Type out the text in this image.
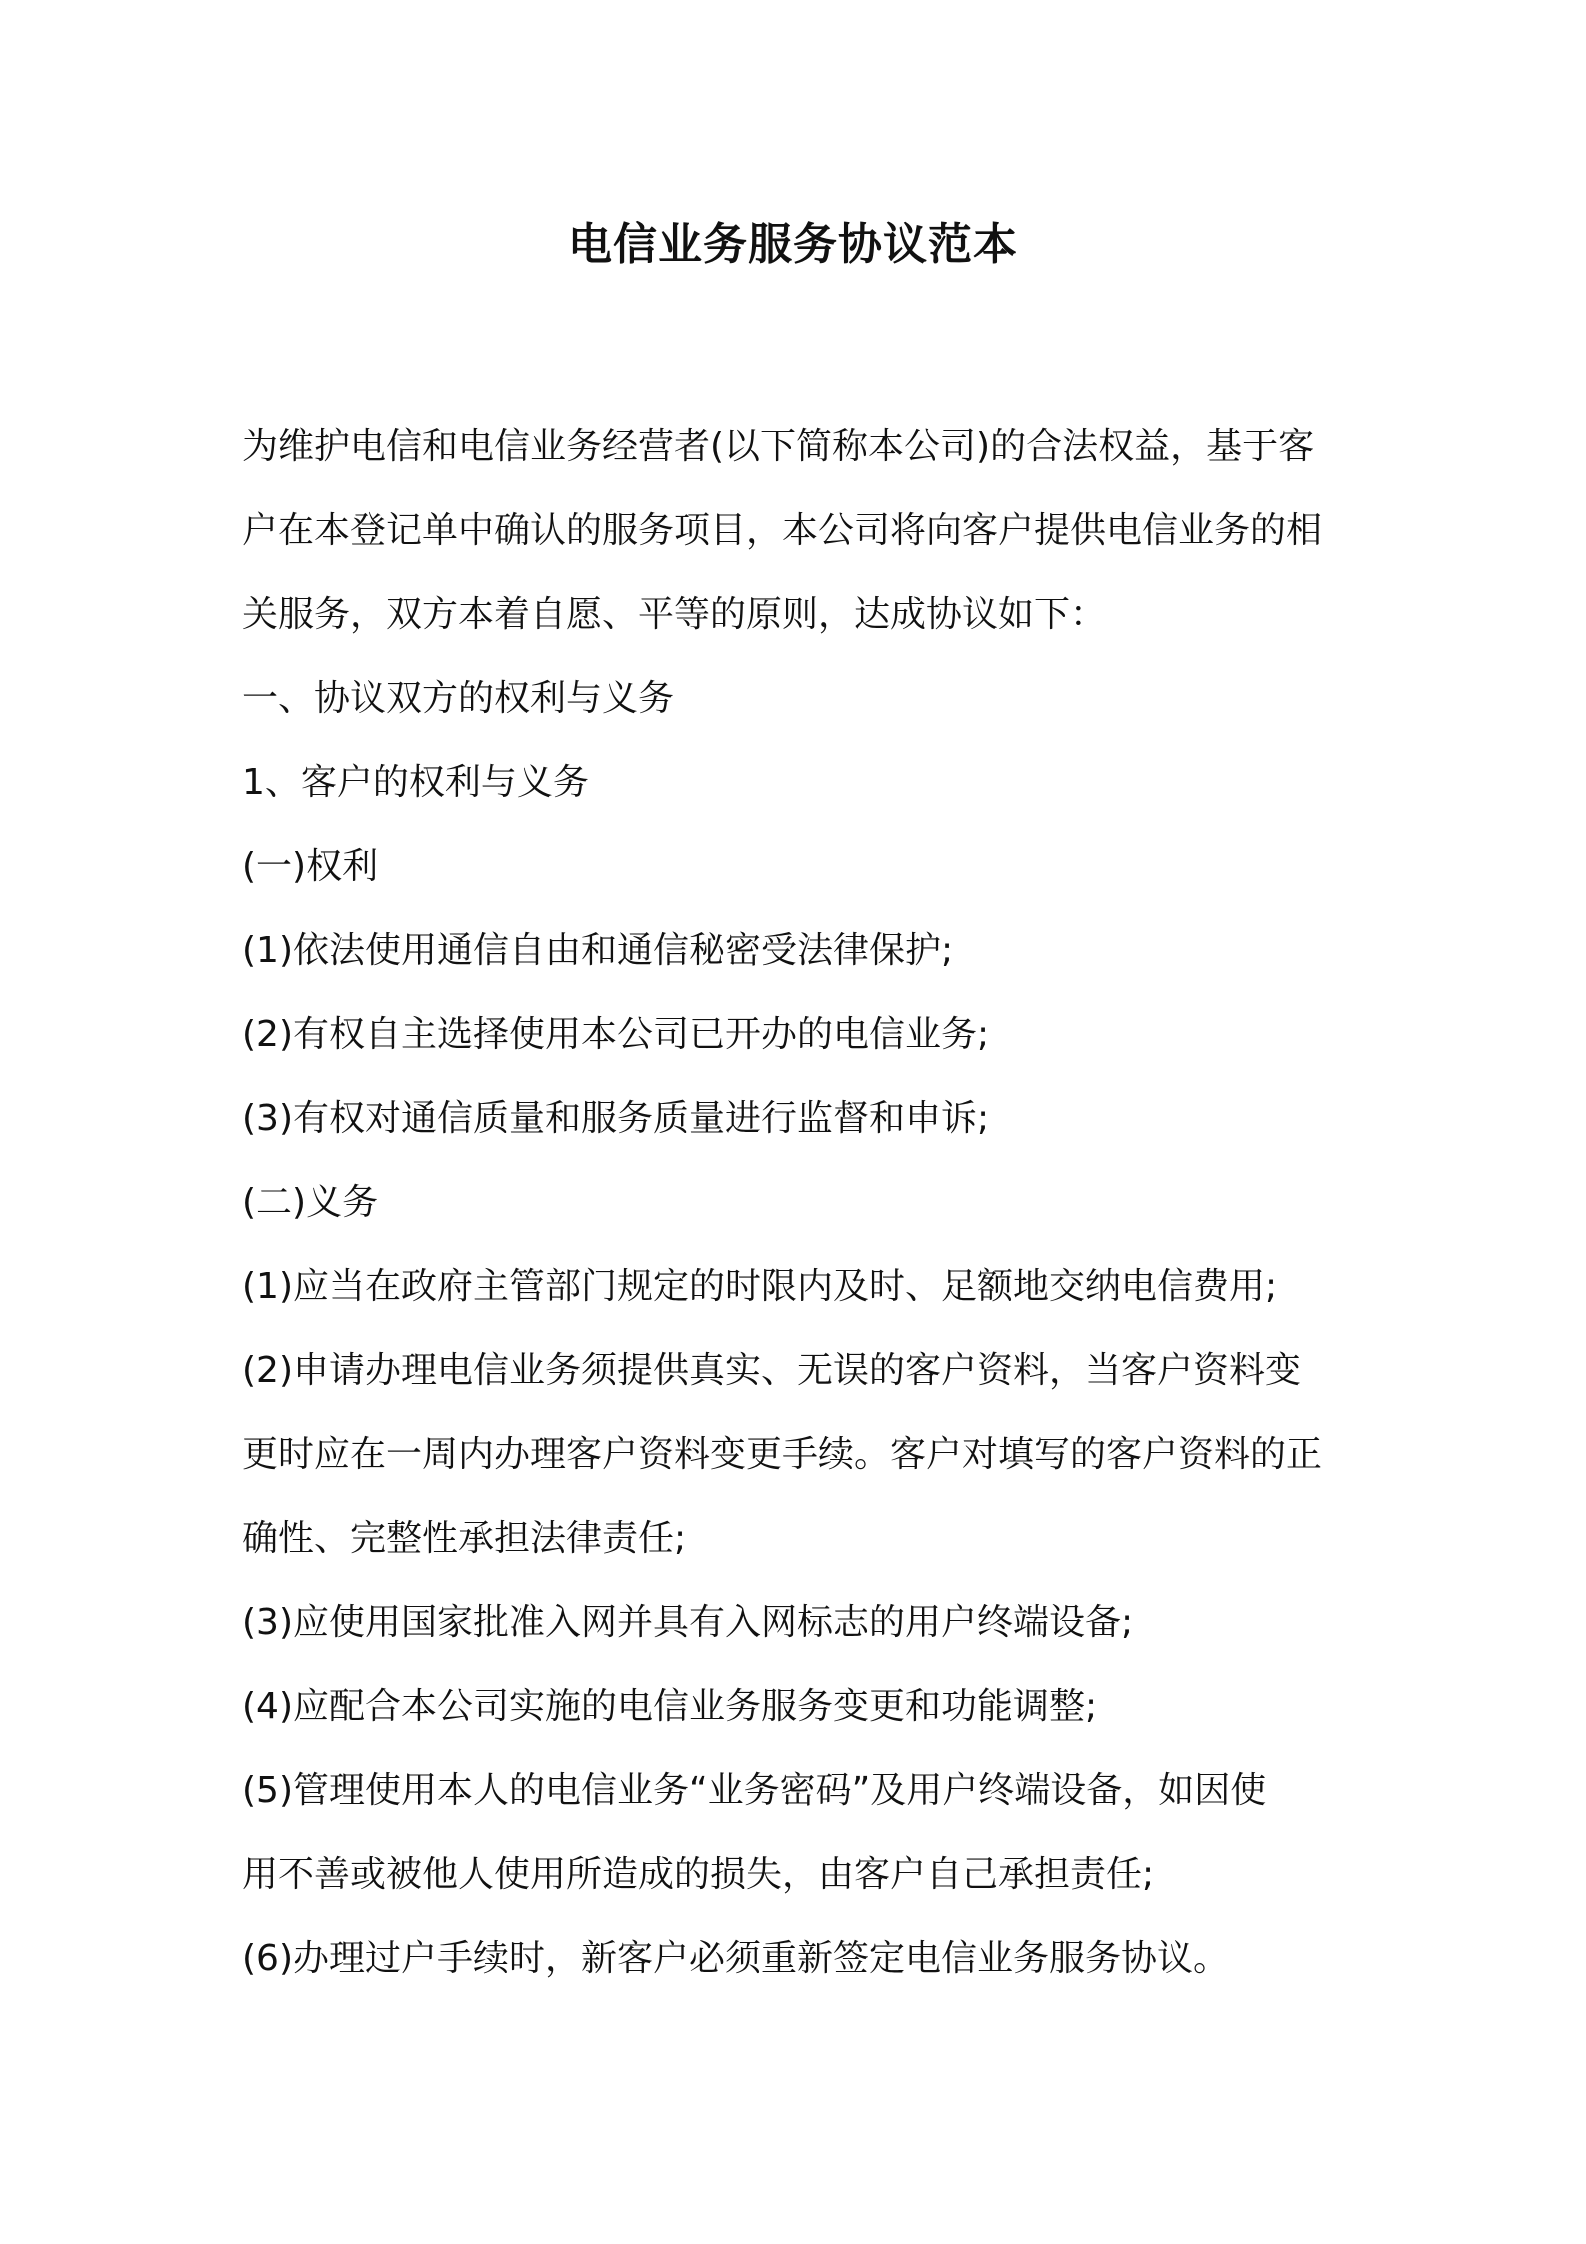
电信业务服务协议范本

为维护电信和电信业务经营者(以下简称本公司)的合法权益，基于客

户在本登记单中确认的服务项目，本公司将向客户提供电信业务的相

关服务，双方本着自愿、平等的原则，达成协议如下：

一、协议双方的权利与义务

1、客户的权利与义务

(一)权利

(1)依法使用通信自由和通信秘密受法律保护;

(2)有权自主选择使用本公司已开办的电信业务;

(3)有权对通信质量和服务质量进行监督和申诉;

(二)义务

(1)应当在政府主管部门规定的时限内及时、足额地交纳电信费用;

(2)申请办理电信业务须提供真实、无误的客户资料，当客户资料变

更时应在一周内办理客户资料变更手续。客户对填写的客户资料的正

确性、完整性承担法律责任;

(3)应使用国家批准入网并具有入网标志的用户终端设备;

(4)应配合本公司实施的电信业务服务变更和功能调整;

(5)管理使用本人的电信业务“业务密码”及用户终端设备，如因使

用不善或被他人使用所造成的损失，由客户自己承担责任;

(6)办理过户手续时，新客户必须重新签定电信业务服务协议。
